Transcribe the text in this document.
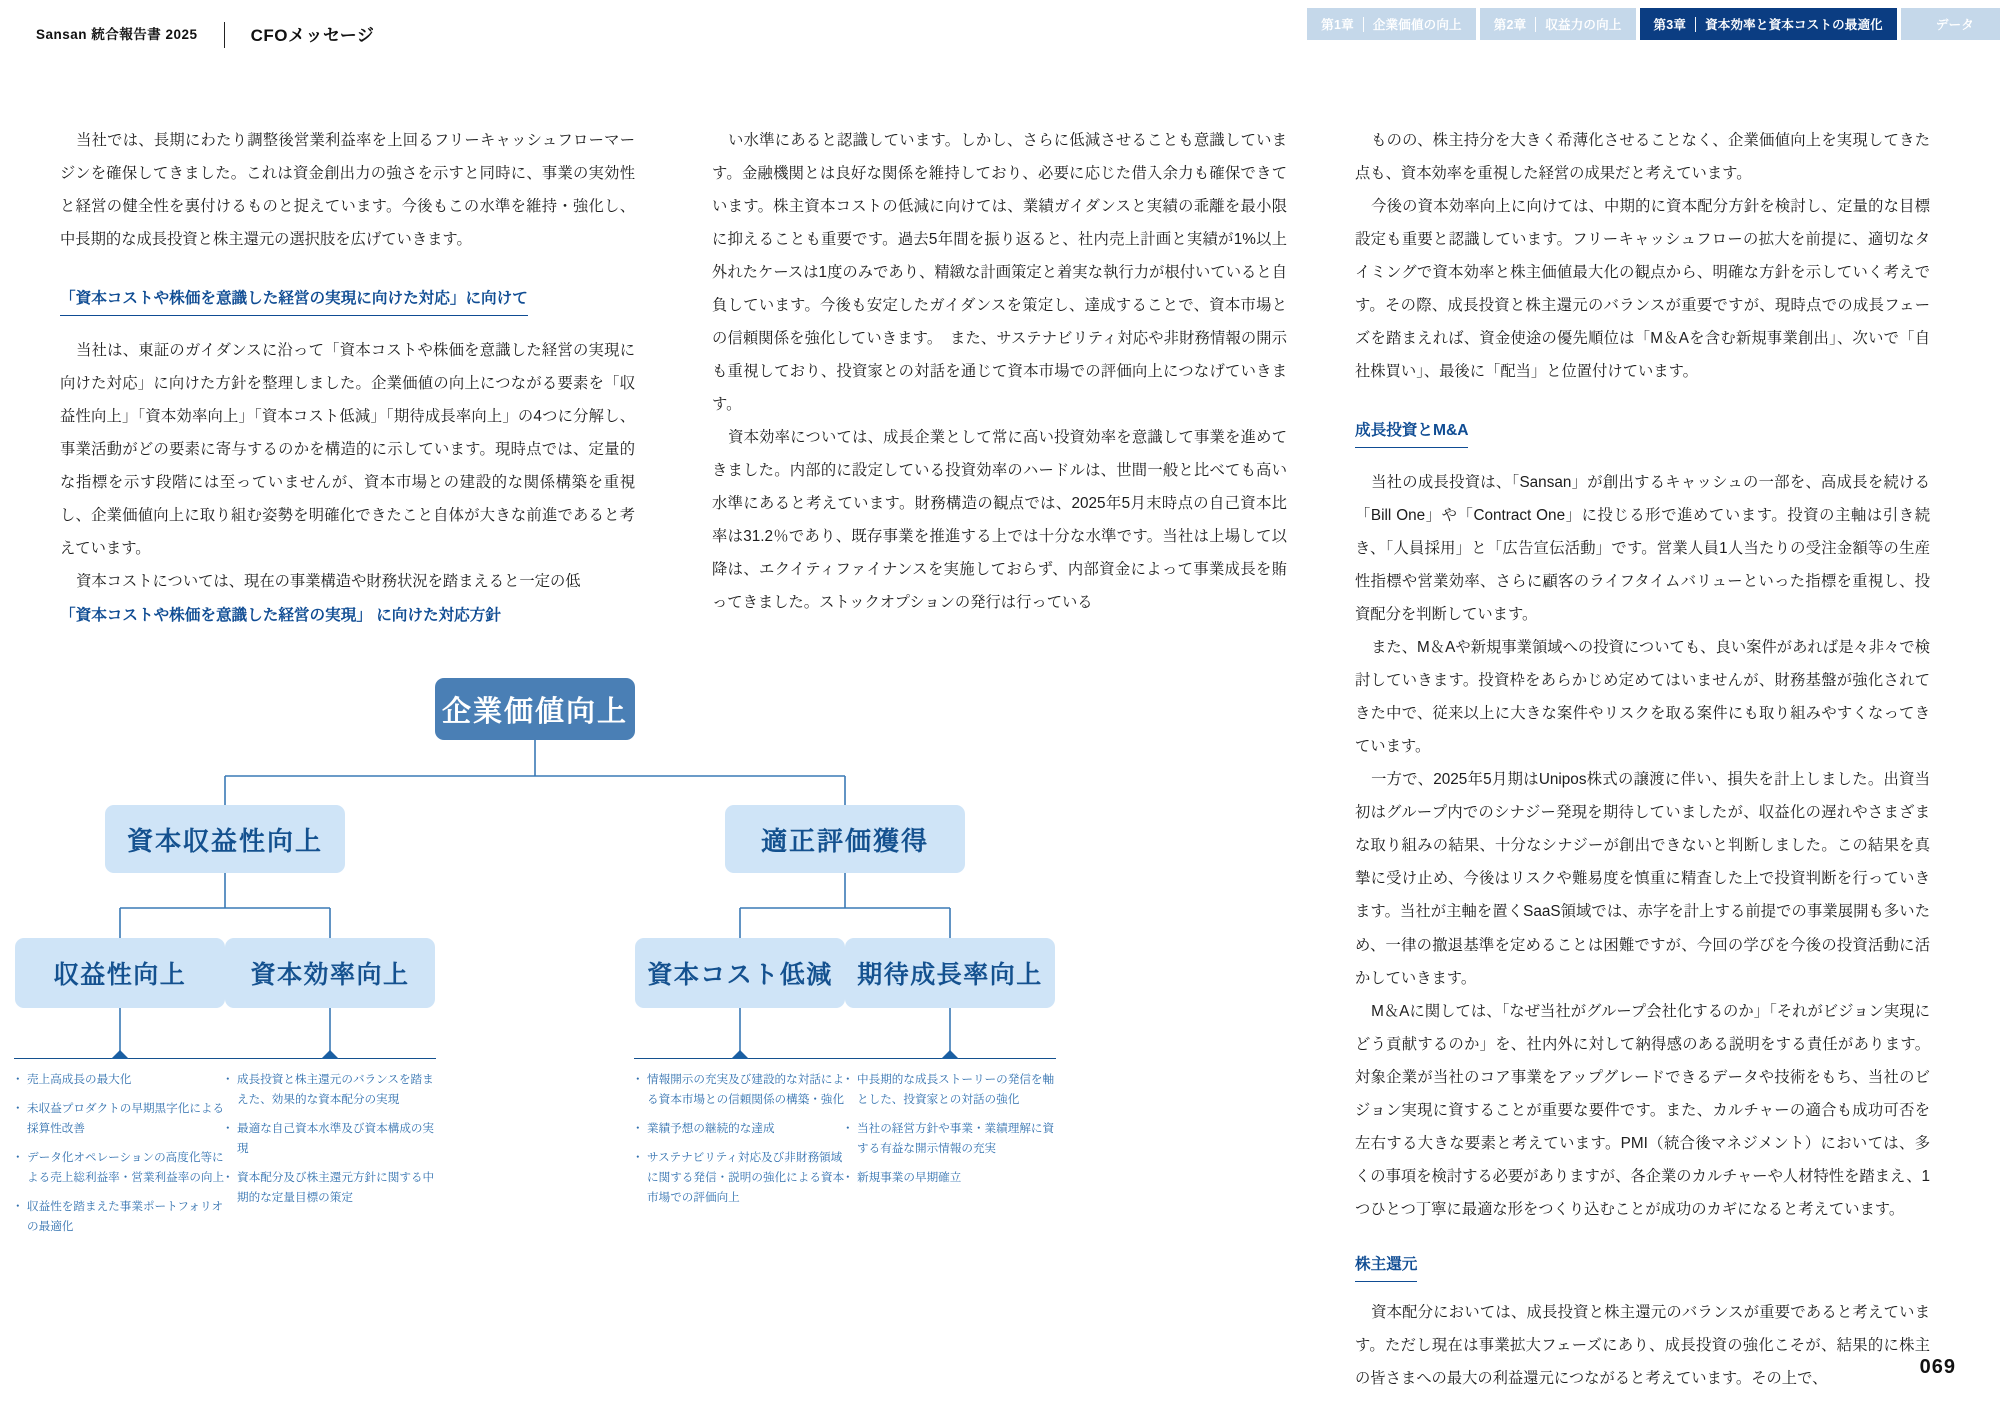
Sansan 統合報告書 2025	CFOメッセージ
第1章	企業価値の向上	第2章	収益力の向上	第3章	資本効率と資本コストの最適化	データ

当社では、長期にわたり調整後営業利益率を上回るフリーキャッシュフローマージンを確保してきました。これは資金創出力の強さを示すと同時に、事業の実効性と経営の健全性を裏付けるものと捉えています。今後もこの水準を維持・強化し、中長期的な成長投資と株主還元の選択肢を広げていきます。

「資本コストや株価を意識した経営の実現に向けた対応」に向けて

当社は、東証のガイダンスに沿って「資本コストや株価を意識した経営の実現に向けた対応」に向けた方針を整理しました。企業価値の向上につながる要素を「収益性向上」「資本効率向上」「資本コスト低減」「期待成長率向上」の4つに分解し、事業活動がどの要素に寄与するのかを構造的に示しています。現時点では、定量的な指標を示す段階には至っていませんが、資本市場との建設的な関係構築を重視し、企業価値向上に取り組む姿勢を明確化できたこと自体が大きな前進であると考えています。

資本コストについては、現在の事業構造や財務状況を踏まえると一定の低

い水準にあると認識しています。しかし、さらに低減させることも意識しています。金融機関とは良好な関係を維持しており、必要に応じた借入余力も確保できています。株主資本コストの低減に向けては、業績ガイダンスと実績の乖離を最小限に抑えることも重要です。過去5年間を振り返ると、社内売上計画と実績が1%以上外れたケースは1度のみであり、精緻な計画策定と着実な執行力が根付いていると自負しています。今後も安定したガイダンスを策定し、達成することで、資本市場との信頼関係を強化していきます。　また、サステナビリティ対応や非財務情報の開示も重視しており、投資家との対話を通じて資本市場での評価向上につなげていきます。

資本効率については、成長企業として常に高い投資効率を意識して事業を進めてきました。内部的に設定している投資効率のハードルは、世間一般と比べても高い水準にあると考えています。財務構造の観点では、2025年5月末時点の自己資本比率は31.2％であり、既存事業を推進する上では十分な水準です。当社は上場して以降は、エクイティファイナンスを実施しておらず、内部資金によって事業成長を賄ってきました。ストックオプションの発行は行っている

ものの、株主持分を大きく希薄化させることなく、企業価値向上を実現してきた点も、資本効率を重視した経営の成果だと考えています。

今後の資本効率向上に向けては、中期的に資本配分方針を検討し、定量的な目標設定も重要と認識しています。フリーキャッシュフローの拡大を前提に、適切なタイミングで資本効率と株主価値最大化の観点から、明確な方針を示していく考えです。その際、成長投資と株主還元のバランスが重要ですが、現時点での成長フェーズを踏まえれば、資金使途の優先順位は「M＆Aを含む新規事業創出」、次いで「自社株買い」、最後に「配当」と位置付けています。

成長投資とM&A

当社の成長投資は、「Sansan」が創出するキャッシュの一部を、高成長を続ける「Bill One」や「Contract One」に投じる形で進めています。投資の主軸は引き続き、「人員採用」と「広告宣伝活動」です。営業人員1人当たりの受注金額等の生産性指標や営業効率、さらに顧客のライフタイムバリューといった指標を重視し、投資配分を判断しています。

また、M＆Aや新規事業領域への投資についても、良い案件があれば是々非々で検討していきます。投資枠をあらかじめ定めてはいませんが、財務基盤が強化されてきた中で、従来以上に大きな案件やリスクを取る案件にも取り組みやすくなってきています。

一方で、2025年5月期はUnipos株式の譲渡に伴い、損失を計上しました。出資当初はグループ内でのシナジー発現を期待していましたが、収益化の遅れやさまざまな取り組みの結果、十分なシナジーが創出できないと判断しました。この結果を真摯に受け止め、今後はリスクや難易度を慎重に精査した上で投資判断を行っていきます。当社が主軸を置くSaaS領域では、赤字を計上する前提での事業展開も多いため、一律の撤退基準を定めることは困難ですが、今回の学びを今後の投資活動に活かしていきます。

M＆Aに関しては、「なぜ当社がグループ会社化するのか」「それがビジョン実現にどう貢献するのか」を、社内外に対して納得感のある説明をする責任があります。対象企業が当社のコア事業をアップグレードできるデータや技術をもち、当社のビジョン実現に資することが重要な要件です。また、カルチャーの適合も成功可否を左右する大きな要素と考えています。PMI（統合後マネジメント）においては、多くの事項を検討する必要がありますが、各企業のカルチャーや人材特性を踏まえ、1つひとつ丁寧に最適な形をつくり込むことが成功のカギになると考えています。

株主還元

資本配分においては、成長投資と株主還元のバランスが重要であると考えています。ただし現在は事業拡大フェーズにあり、成長投資の強化こそが、結果的に株主の皆さまへの最大の利益還元につながると考えています。その上で、

「資本コストや株価を意識した経営の実現」 に向けた対応方針
企業価値向上
資本収益性向上	適正評価獲得
収益性向上	資本効率向上	資本コスト低減 期待成長率向上
・ 売上高成長の最大化
・ 未収益プロダクトの早期黒字化による採算性改善
・ データ化オペレーションの高度化等による売上総利益率・営業利益率の向上
・ 収益性を踏まえた事業ポートフォリオの最適化
・ 成長投資と株主還元のバランスを踏まえた、効果的な資本配分の実現
・ 最適な自己資本水準及び資本構成の実現
・ 資本配分及び株主還元方針に関する中期的な定量目標の策定
・ 情報開示の充実及び建設的な対話による資本市場との信頼関係の構築・強化
・ 業績予想の継続的な達成
・ サステナビリティ対応及び非財務領域に関する発信・説明の強化による資本市場での評価向上
・ 中長期的な成長ストーリーの発信を軸とした、投資家との対話の強化
・ 当社の経営方針や事業・業績理解に資する有益な開示情報の充実
・ 新規事業の早期確立
069
